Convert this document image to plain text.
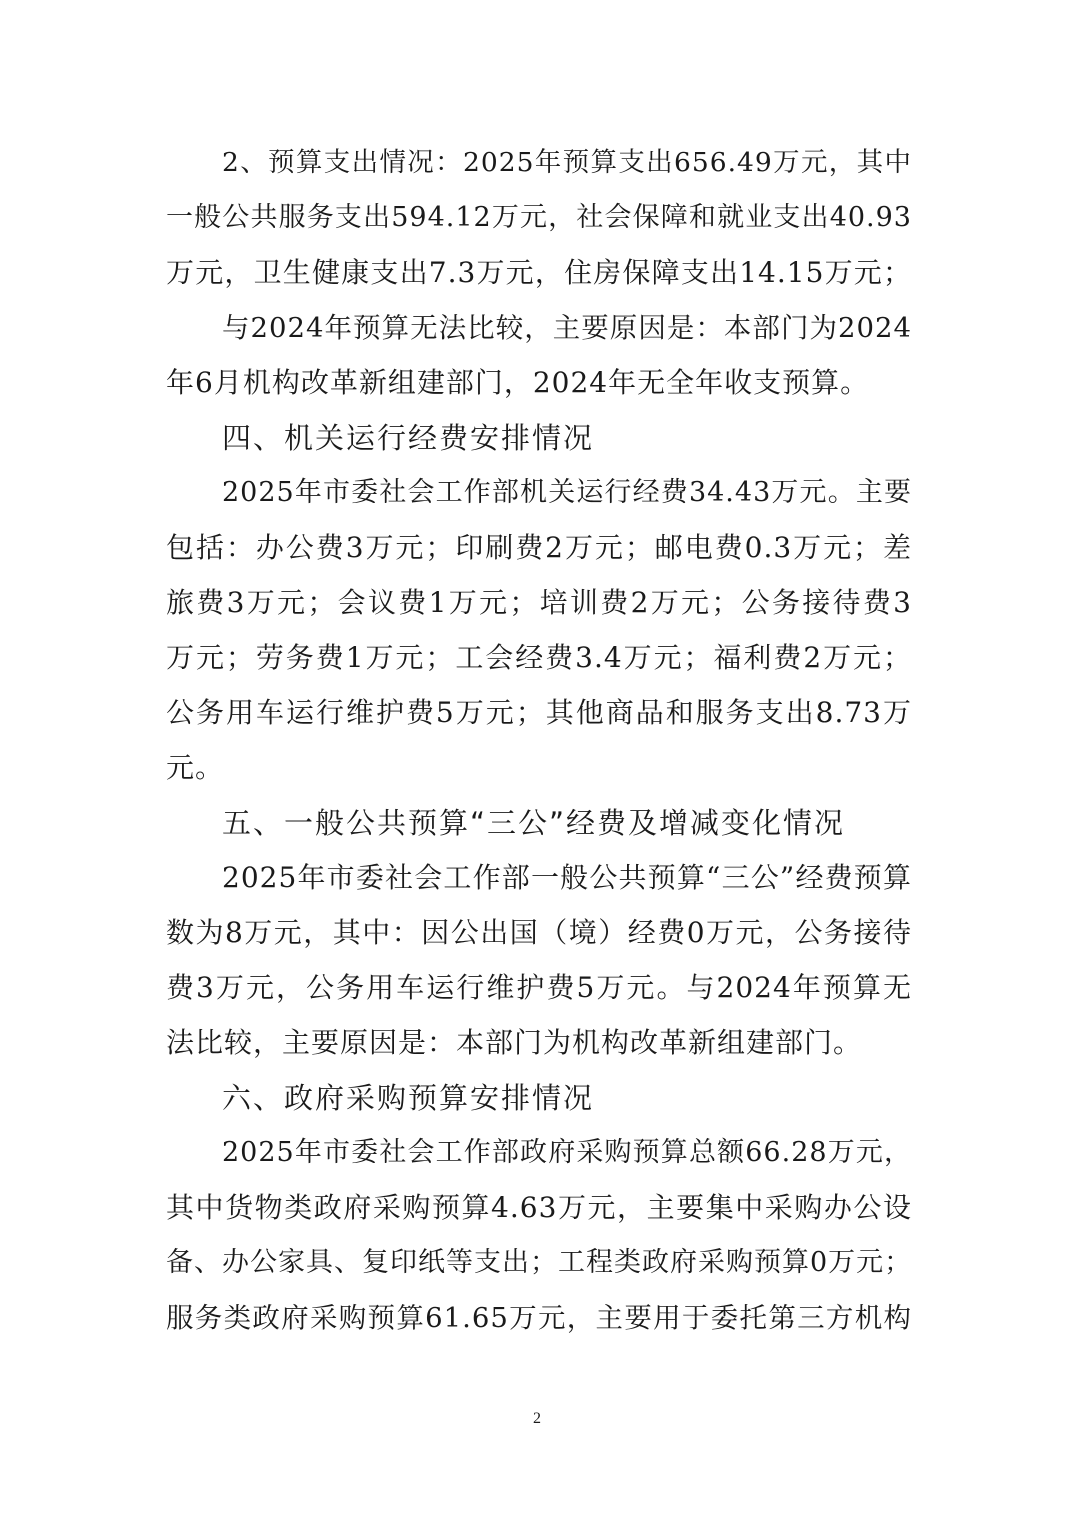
2、预算支出情况：2025年预算支出656.49万元，其中
一般公共服务支出594.12万元，社会保障和就业支出40.93
万元，卫生健康支出7.3万元，住房保障支出14.15万元；
与2024年预算无法比较，主要原因是：本部门为2024
年6月机构改革新组建部门，2024年无全年收支预算。
四、机关运行经费安排情况
2025年市委社会工作部机关运行经费34.43万元。主要
包括：办公费3万元；印刷费2万元；邮电费0.3万元；差
旅费3万元；会议费1万元；培训费2万元；公务接待费3
万元；劳务费1万元；工会经费3.4万元；福利费2万元；
公务用车运行维护费5万元；其他商品和服务支出8.73万
元。
五、一般公共预算“三公”经费及增减变化情况
2025年市委社会工作部一般公共预算“三公”经费预算
数为8万元，其中：因公出国（境）经费0万元，公务接待
费3万元，公务用车运行维护费5万元。与2024年预算无
法比较，主要原因是：本部门为机构改革新组建部门。
六、政府采购预算安排情况
2025年市委社会工作部政府采购预算总额66.28万元，
其中货物类政府采购预算4.63万元，主要集中采购办公设
备、办公家具、复印纸等支出；工程类政府采购预算0万元；
服务类政府采购预算61.65万元，主要用于委托第三方机构
2
